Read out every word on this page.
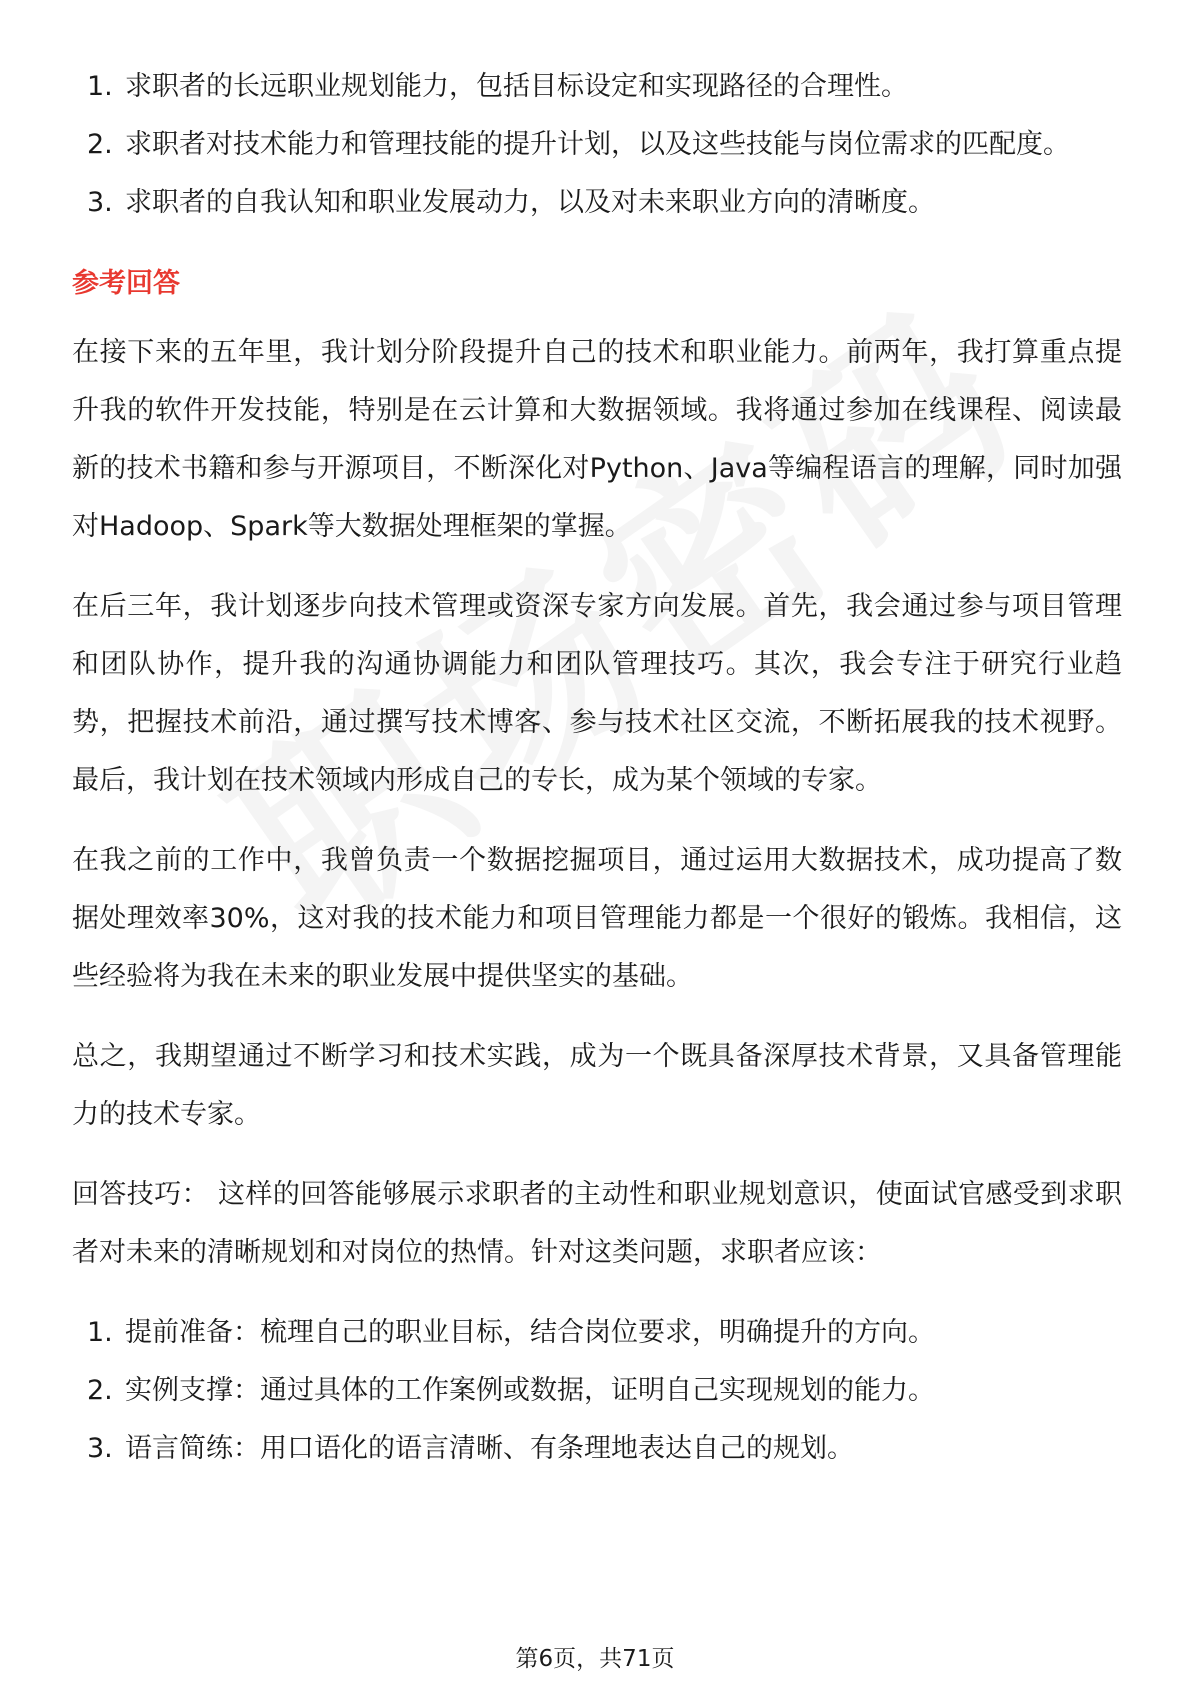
1. 求职者的长远职业规划能力，包括目标设定和实现路径的合理性。
2. 求职者对技术能力和管理技能的提升计划，以及这些技能与岗位需求的匹配度。
3. 求职者的自我认知和职业发展动力，以及对未来职业方向的清晰度。
参考回答

在接下来的五年里，我计划分阶段提升自己的技术和职业能力。前两年，我打算重点提升我的软件开发技能，特别是在云计算和大数据领域。我将通过参加在线课程、阅读最新的技术书籍和参与开源项目，不断深化对Python、Java等编程语言的理解，同时加强对Hadoop、Spark等大数据处理框架的掌握。

在后三年，我计划逐步向技术管理或资深专家方向发展。首先，我会通过参与项目管理和团队协作，提升我的沟通协调能力和团队管理技巧。其次，我会专注于研究行业趋势，把握技术前沿，通过撰写技术博客、参与技术社区交流，不断拓展我的技术视野。最后，我计划在技术领域内形成自己的专长，成为某个领域的专家。

在我之前的工作中，我曾负责一个数据挖掘项目，通过运用大数据技术，成功提高了数据处理效率30%，这对我的技术能力和项目管理能力都是一个很好的锻炼。我相信，这些经验将为我在未来的职业发展中提供坚实的基础。

总之，我期望通过不断学习和技术实践，成为一个既具备深厚技术背景，又具备管理能力的技术专家。

回答技巧： 这样的回答能够展示求职者的主动性和职业规划意识，使面试官感受到求职者对未来的清晰规划和对岗位的热情。针对这类问题，求职者应该：

1. 提前准备：梳理自己的职业目标，结合岗位要求，明确提升的方向。
2. 实例支撑：通过具体的工作案例或数据，证明自己实现规划的能力。
3. 语言简练：用口语化的语言清晰、有条理地表达自己的规划。
第6页，共71页
